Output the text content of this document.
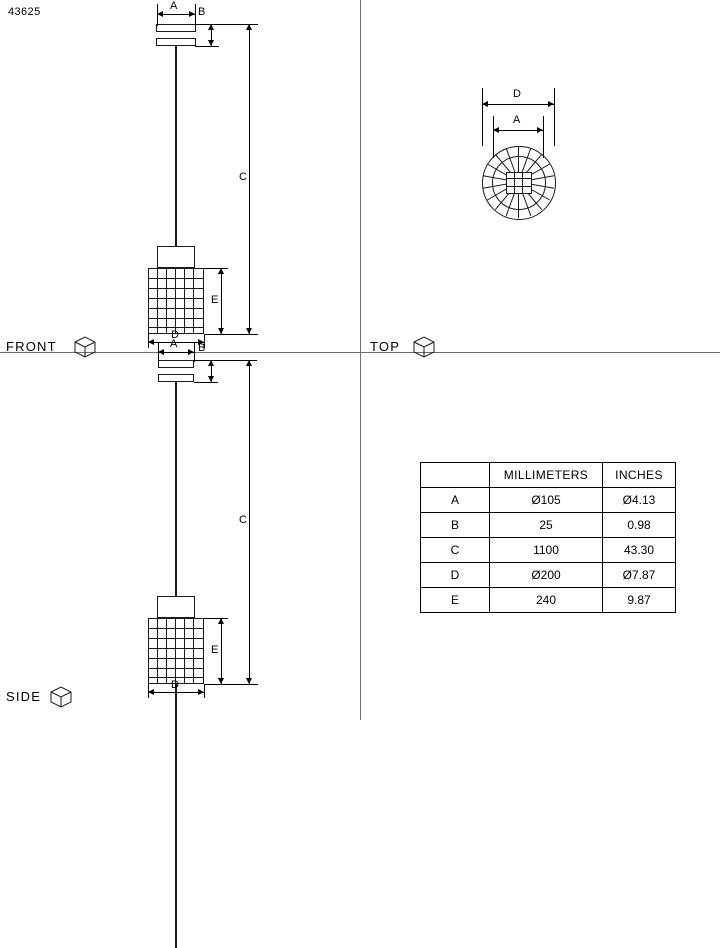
43625	A B
C
E
D
FRONT
D
A
TOP
A B
C
E
D
SIDE
	MILLIMETERS	INCHES
A	Ø105	Ø4.13
B	25	0.98
C	1100	43.30
D	Ø200	Ø7.87
E	240	9.87
